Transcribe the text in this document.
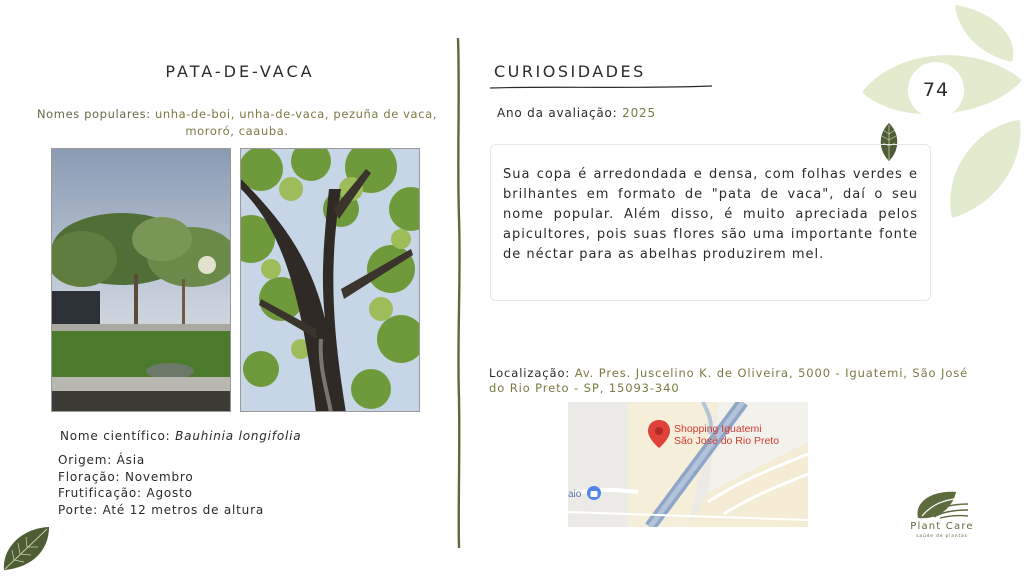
74
PATA-DE-VACA
Nomes populares: unha-de-boi, unha-de-vaca, pezuña de vaca, mororó, caauba.
Nome científico: Bauhinia longifolia
Origem: Ásia
Floração: Novembro
Frutificação: Agosto
Porte: Até 12 metros de altura
CURIOSIDADES
Ano da avaliação: 2025

Sua copa é arredondada e densa, com folhas verdes e brilhantes em formato de "pata de vaca", daí o seu nome popular. Além disso, é muito apreciada pelos apicultores, pois suas flores são uma importante fonte de néctar para as abelhas produzirem mel.

Localização: Av. Pres. Juscelino K. de Oliveira, 5000 - Iguatemi, São José do Rio Preto - SP, 15093-340
Shopping Iguatemi
São José do Rio Preto
aio
Plant Care
saúde de plantas
